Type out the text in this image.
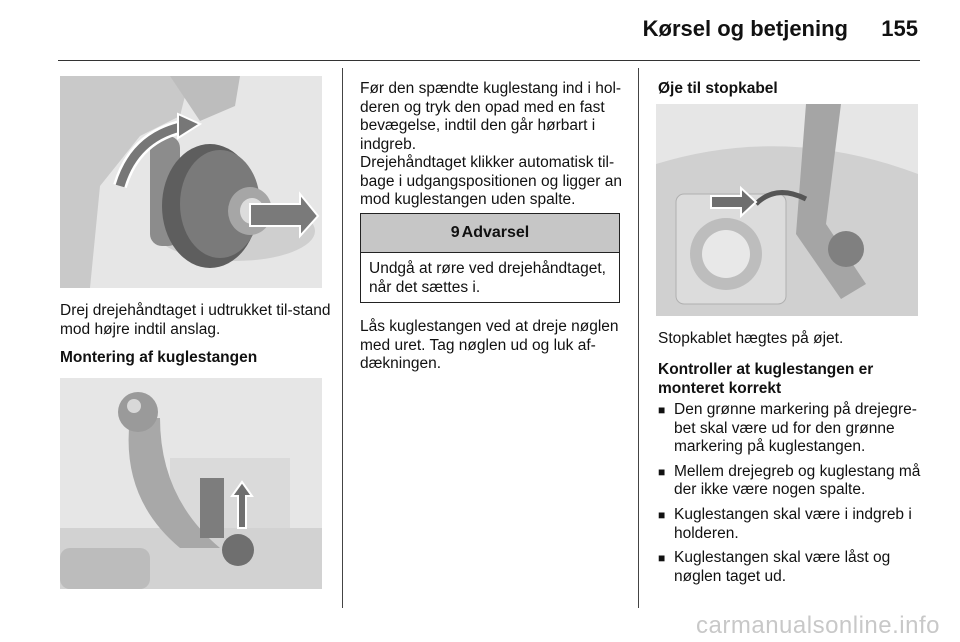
Kørsel og betjening	155

Drej drejehåndtaget i udtrukket til-stand mod højre indtil anslag.

Montering af kuglestangen

Før den spændte kuglestang ind i hol-deren og tryk den opad med en fast bevægelse, indtil den går hørbart i indgreb.

Drejehåndtaget klikker automatisk til-bage i udgangspositionen og ligger an mod kuglestangen uden spalte.

9 Advarsel
Undgå at røre ved drejehåndtaget, når det sættes i.

Lås kuglestangen ved at dreje nøglen med uret. Tag nøglen ud og luk af-dækningen.

Øje til stopkabel

Stopkablet hægtes på øjet.

Kontroller at kuglestangen er monteret korrekt

■ Den grønne markering på drejegre-bet skal være ud for den grønne markering på kuglestangen.
■ Mellem drejegreb og kuglestang må der ikke være nogen spalte.
■ Kuglestangen skal være i indgreb i holderen.
■ Kuglestangen skal være låst og nøglen taget ud.
carmanualsonline.info
